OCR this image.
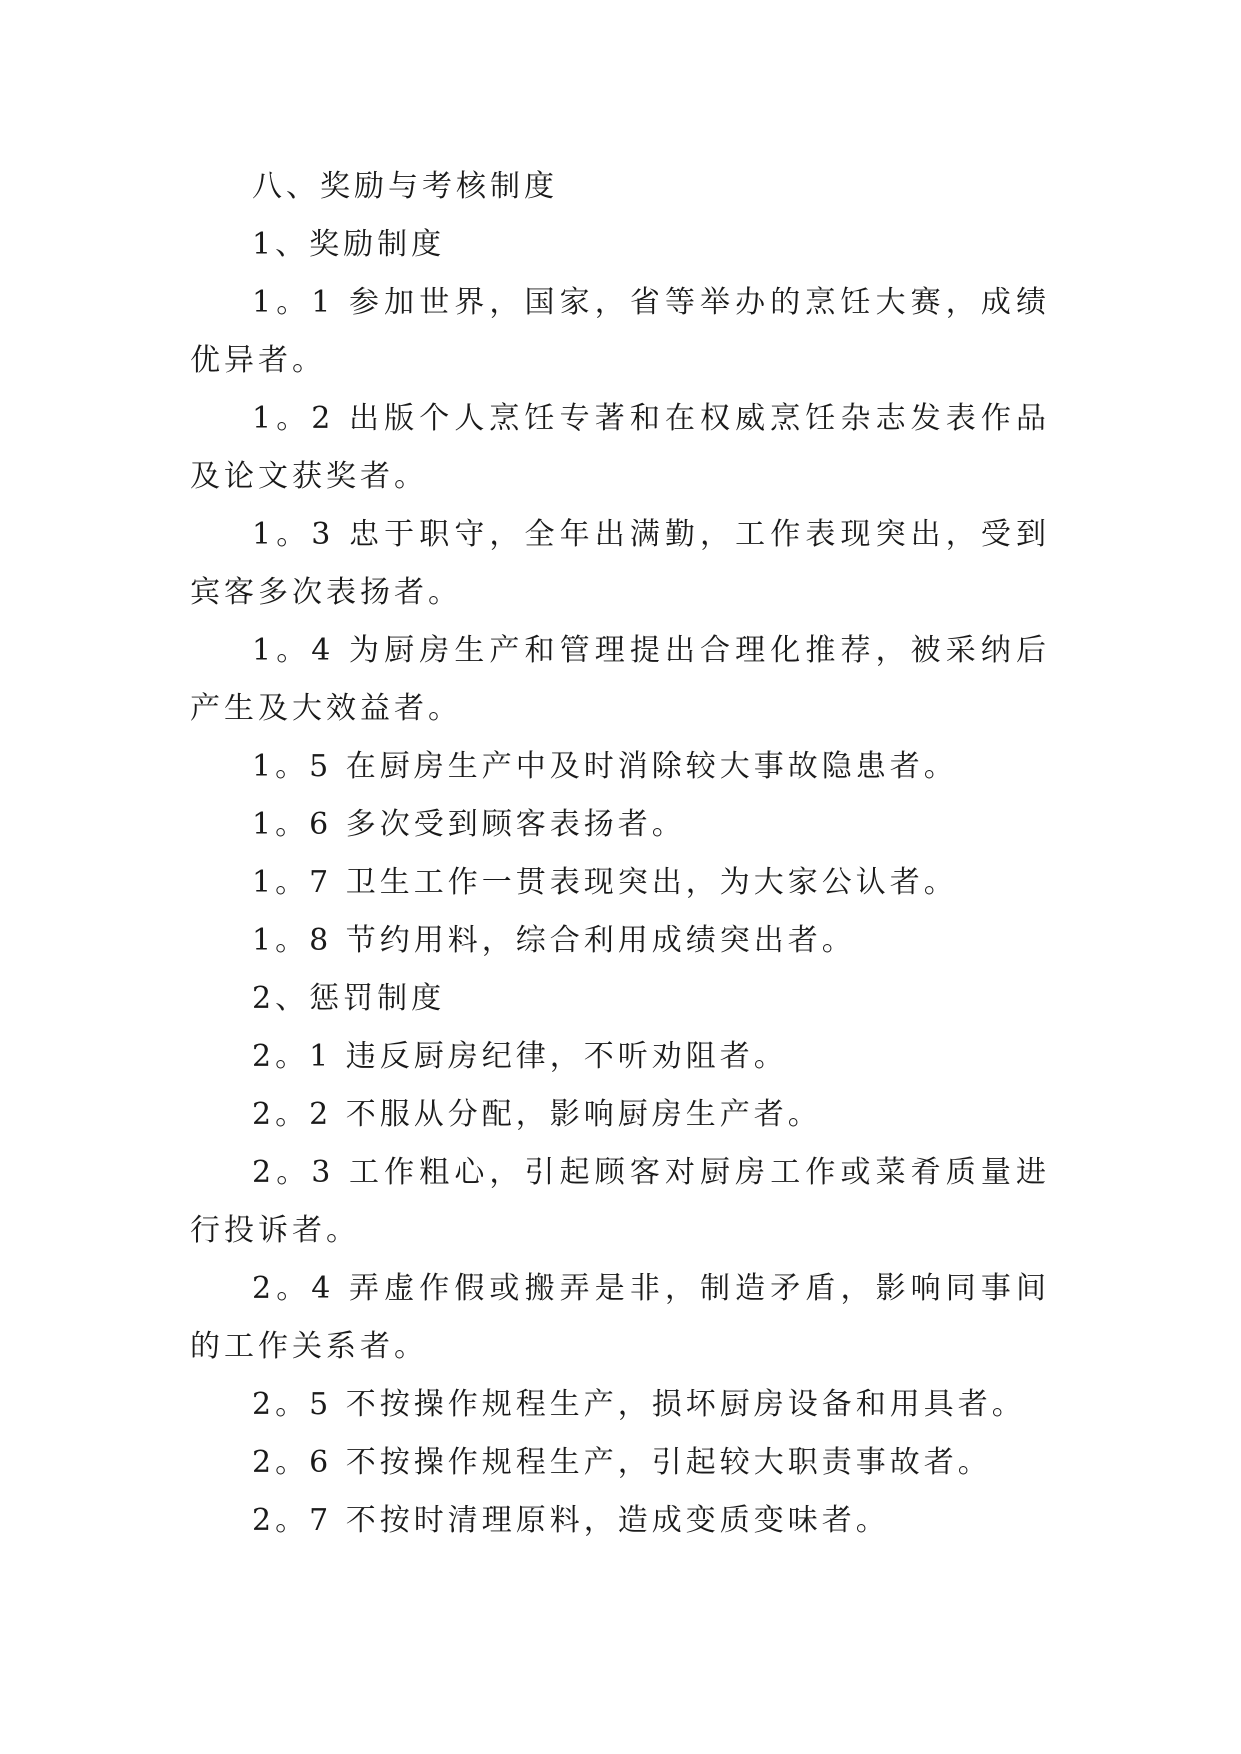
八、奖励与考核制度

1、奖励制度

1。1 参加世界，国家，省等举办的烹饪大赛，成绩优异者。

1。2 出版个人烹饪专著和在权威烹饪杂志发表作品及论文获奖者。

1。3 忠于职守，全年出满勤，工作表现突出，受到宾客多次表扬者。

1。4 为厨房生产和管理提出合理化推荐，被采纳后产生及大效益者。

1。5 在厨房生产中及时消除较大事故隐患者。

1。6 多次受到顾客表扬者。

1。7 卫生工作一贯表现突出，为大家公认者。

1。8 节约用料，综合利用成绩突出者。

2、惩罚制度

2。1 违反厨房纪律，不听劝阻者。

2。2 不服从分配，影响厨房生产者。

2。3 工作粗心，引起顾客对厨房工作或菜肴质量进行投诉者。

2。4 弄虚作假或搬弄是非，制造矛盾，影响同事间的工作关系者。

2。5 不按操作规程生产，损坏厨房设备和用具者。

2。6 不按操作规程生产，引起较大职责事故者。

2。7 不按时清理原料，造成变质变味者。
